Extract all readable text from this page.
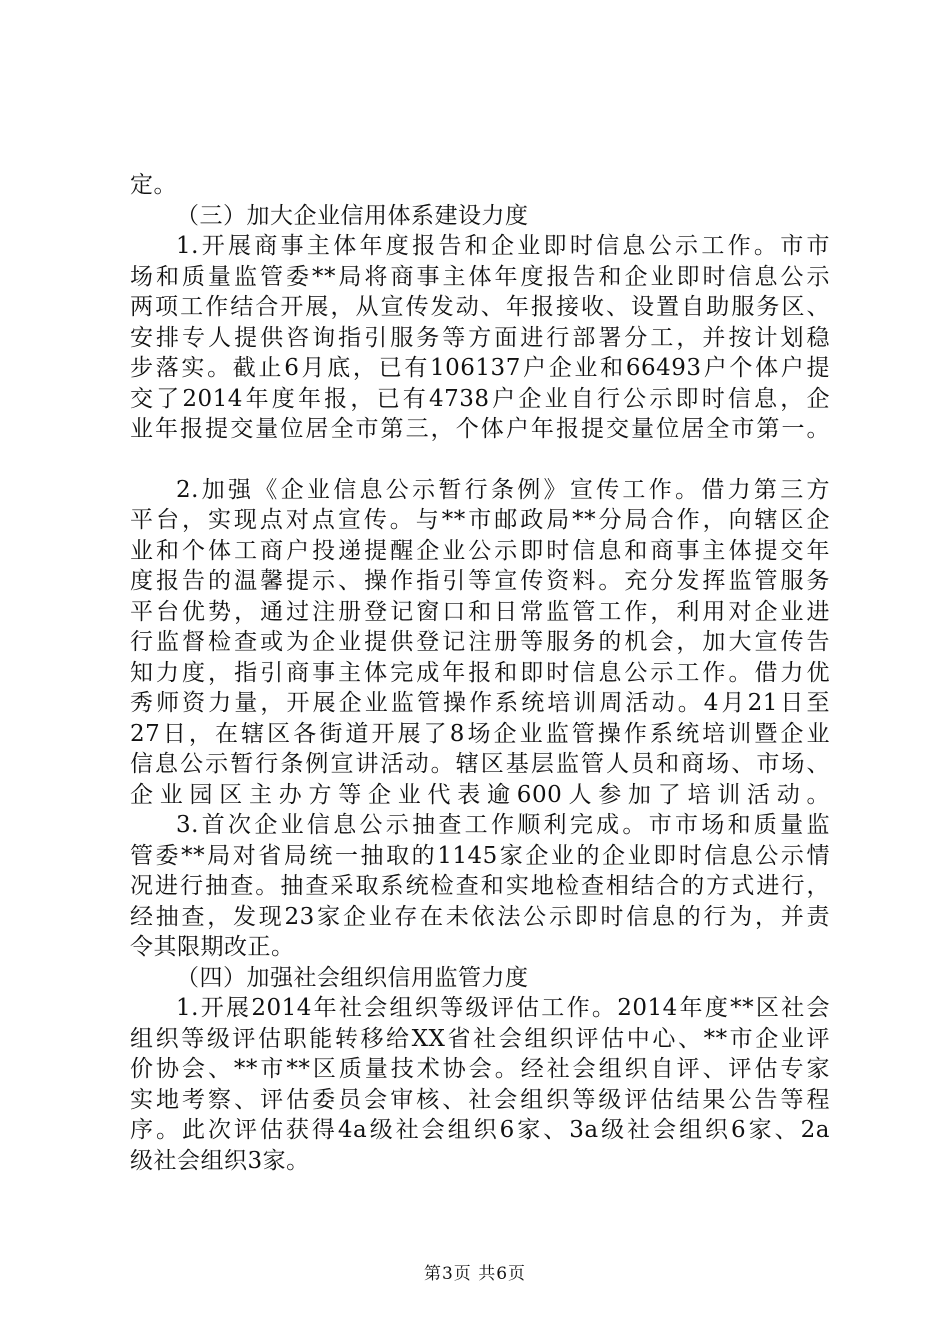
定。
（三）加大企业信用体系建设力度
1.开展商事主体年度报告和企业即时信息公示工作。市市
场和质量监管委**局将商事主体年度报告和企业即时信息公示
两项工作结合开展，从宣传发动、年报接收、设置自助服务区、
安排专人提供咨询指引服务等方面进行部署分工，并按计划稳
步落实。截止6月底，已有106137户企业和66493户个体户提
交了2014年度年报，已有4738户企业自行公示即时信息，企
业年报提交量位居全市第三，个体户年报提交量位居全市第一。
2.加强《企业信息公示暂行条例》宣传工作。借力第三方
平台，实现点对点宣传。与**市邮政局**分局合作，向辖区企
业和个体工商户投递提醒企业公示即时信息和商事主体提交年
度报告的温馨提示、操作指引等宣传资料。充分发挥监管服务
平台优势，通过注册登记窗口和日常监管工作，利用对企业进
行监督检查或为企业提供登记注册等服务的机会，加大宣传告
知力度，指引商事主体完成年报和即时信息公示工作。借力优
秀师资力量，开展企业监管操作系统培训周活动。4月21日至
27日，在辖区各街道开展了8场企业监管操作系统培训暨企业
信息公示暂行条例宣讲活动。辖区基层监管人员和商场、市场、
企业园区主办方等企业代表逾600人参加了培训活动。
3.首次企业信息公示抽查工作顺利完成。市市场和质量监
管委**局对省局统一抽取的1145家企业的企业即时信息公示情
况进行抽查。抽查采取系统检查和实地检查相结合的方式进行，
经抽查，发现23家企业存在未依法公示即时信息的行为，并责
令其限期改正。
（四）加强社会组织信用监管力度
1.开展2014年社会组织等级评估工作。2014年度**区社会
组织等级评估职能转移给XX省社会组织评估中心、**市企业评
价协会、**市**区质量技术协会。经社会组织自评、评估专家
实地考察、评估委员会审核、社会组织等级评估结果公告等程
序。此次评估获得4a级社会组织6家、3a级社会组织6家、2a
级社会组织3家。
第3页 共6页
